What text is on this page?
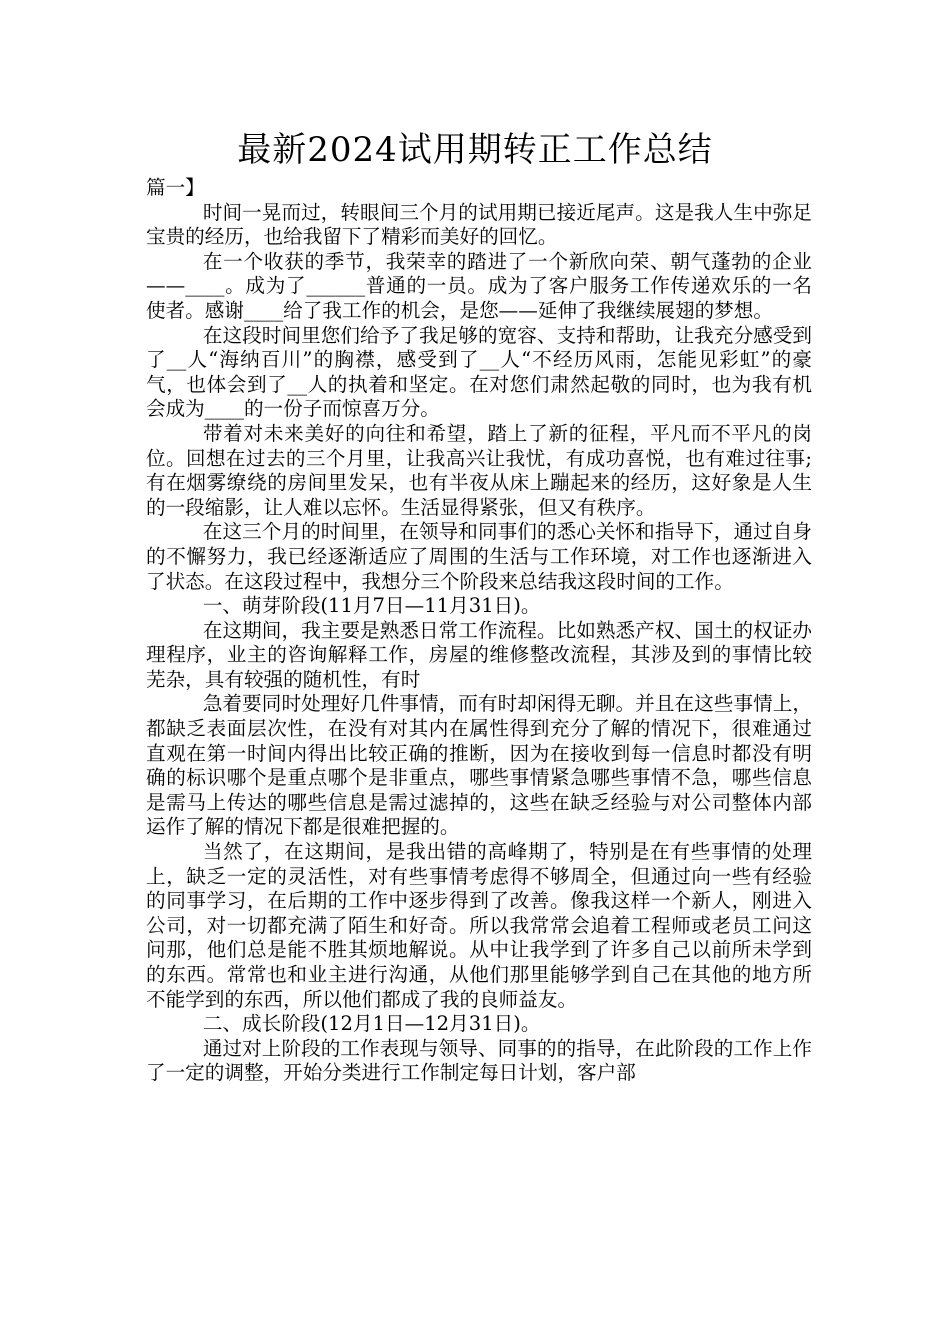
最新2024试用期转正工作总结

篇一】

时间一晃而过，转眼间三个月的试用期已接近尾声。这是我人生中弥足宝贵的经历，也给我留下了精彩而美好的回忆。

在一个收获的季节，我荣幸的踏进了一个新欣向荣、朝气蓬勃的企业——____。成为了______普通的一员。成为了客户服务工作传递欢乐的一名使者。感谢____给了我工作的机会，是您——延伸了我继续展翅的梦想。

在这段时间里您们给予了我足够的宽容、支持和帮助，让我充分感受到了__人“海纳百川”的胸襟，感受到了__人“不经历风雨，怎能见彩虹”的豪气，也体会到了__人的执着和坚定。在对您们肃然起敬的同时，也为我有机会成为____的一份子而惊喜万分。

带着对未来美好的向往和希望，踏上了新的征程，平凡而不平凡的岗位。回想在过去的三个月里，让我高兴让我忧，有成功喜悦，也有难过往事;有在烟雾缭绕的房间里发呆，也有半夜从床上蹦起来的经历，这好象是人生的一段缩影，让人难以忘怀。生活显得紧张，但又有秩序。

在这三个月的时间里，在领导和同事们的悉心关怀和指导下，通过自身的不懈努力，我已经逐渐适应了周围的生活与工作环境，对工作也逐渐进入了状态。在这段过程中，我想分三个阶段来总结我这段时间的工作。

一、萌芽阶段(11月7日—11月31日)。

在这期间，我主要是熟悉日常工作流程。比如熟悉产权、国土的权证办理程序，业主的咨询解释工作，房屋的维修整改流程，其涉及到的事情比较芜杂，具有较强的随机性，有时

急着要同时处理好几件事情，而有时却闲得无聊。并且在这些事情上，都缺乏表面层次性，在没有对其内在属性得到充分了解的情况下，很难通过直观在第一时间内得出比较正确的推断，因为在接收到每一信息时都没有明确的标识哪个是重点哪个是非重点，哪些事情紧急哪些事情不急，哪些信息是需马上传达的哪些信息是需过滤掉的，这些在缺乏经验与对公司整体内部运作了解的情况下都是很难把握的。

当然了，在这期间，是我出错的高峰期了，特别是在有些事情的处理上，缺乏一定的灵活性，对有些事情考虑得不够周全，但通过向一些有经验的同事学习，在后期的工作中逐步得到了改善。像我这样一个新人，刚进入公司，对一切都充满了陌生和好奇。所以我常常会追着工程师或老员工问这问那，他们总是能不胜其烦地解说。从中让我学到了许多自己以前所未学到的东西。常常也和业主进行沟通，从他们那里能够学到自己在其他的地方所不能学到的东西，所以他们都成了我的良师益友。

二、成长阶段(12月1日—12月31日)。

通过对上阶段的工作表现与领导、同事的的指导，在此阶段的工作上作了一定的调整，开始分类进行工作制定每日计划，客户部
